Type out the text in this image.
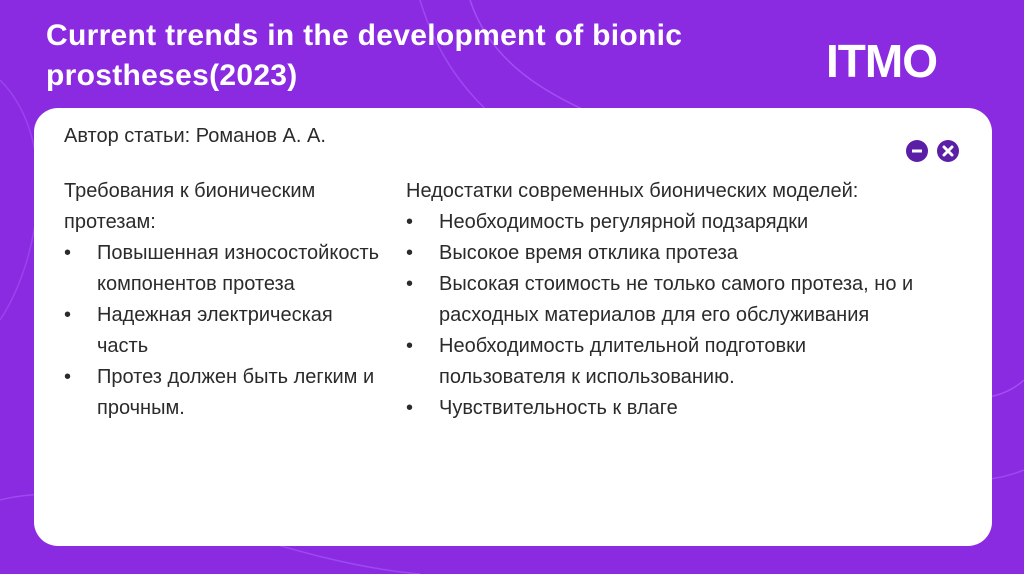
Current trends in the development of bionic prostheses(2023)	ITMO
Автор статьи: Романов А. А.

Требования к бионическим протезам:

• Повышенная износостойкость компонентов протеза
• Надежная электрическая часть
• Протез должен быть легким и прочным.

Недостатки современных бионических моделей:

• Необходимость регулярной подзарядки
• Высокое время отклика протеза
• Высокая стоимость не только самого протеза, но и расходных материалов для его обслуживания
• Необходимость длительной подготовки пользователя к использованию.
• Чувствительность к влаге
